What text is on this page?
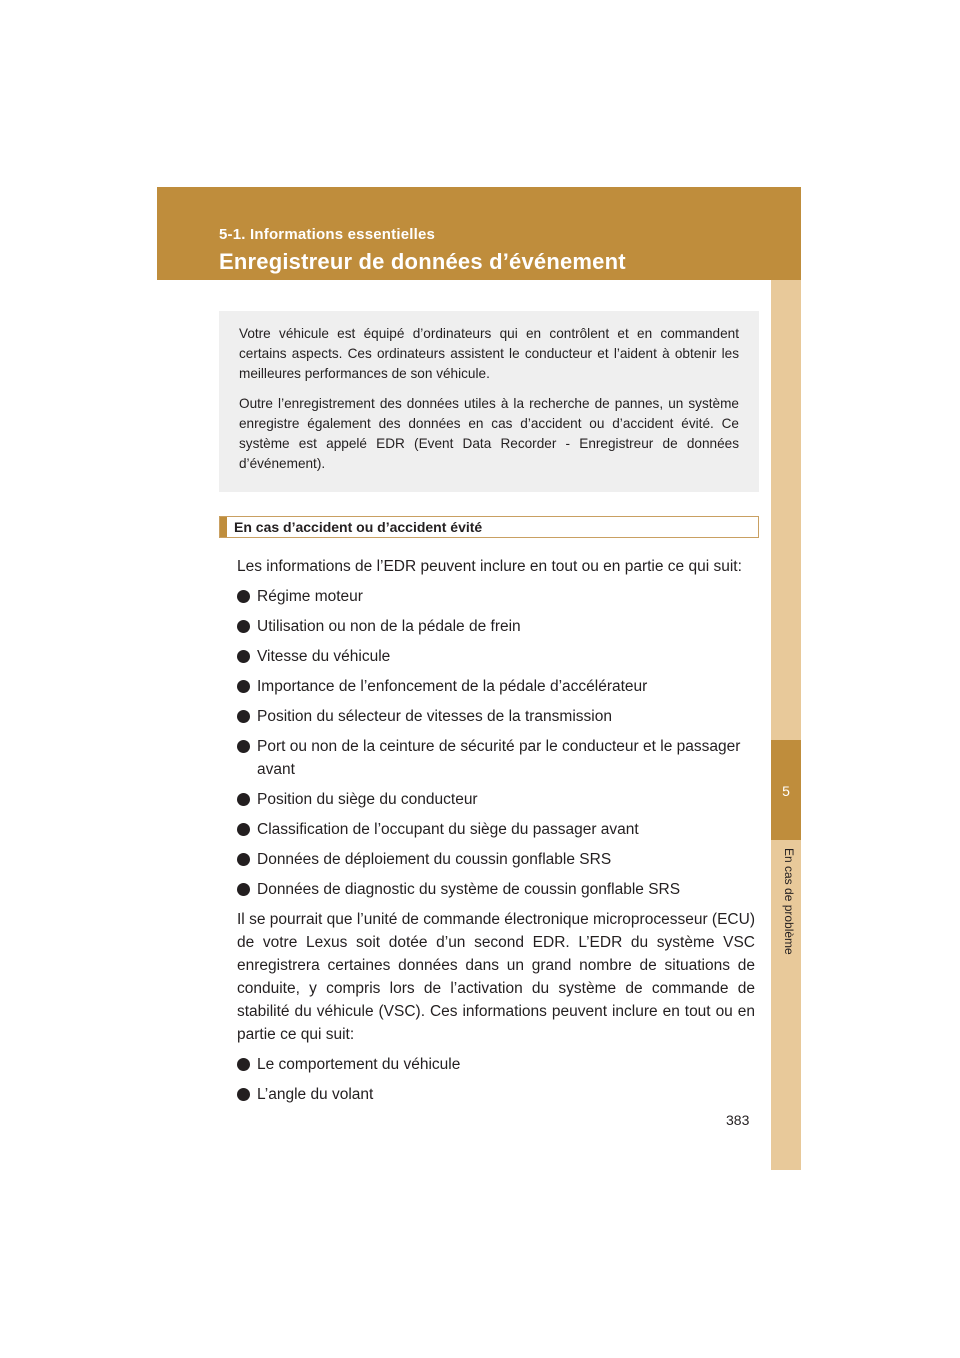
5-1. Informations essentielles
Enregistreur de données d’événement
5
En cas de problème

Votre véhicule est équipé d’ordinateurs qui en contrôlent et en commandent certains aspects. Ces ordinateurs assistent le conducteur et l’aident à obtenir les meilleures performances de son véhicule.

Outre l’enregistrement des données utiles à la recherche de pannes, un système enregistre également des données en cas d’accident ou d’accident évité. Ce système est appelé EDR (Event Data Recorder - Enregistreur de données d’événement).

En cas d’accident ou d’accident évité

Les informations de l’EDR peuvent inclure en tout ou en partie ce qui suit:

Régime moteur
Utilisation ou non de la pédale de frein
Vitesse du véhicule
Importance de l’enfoncement de la pédale d’accélérateur
Position du sélecteur de vitesses de la transmission
Port ou non de la ceinture de sécurité par le conducteur et le passager avant
Position du siège du conducteur
Classification de l’occupant du siège du passager avant
Données de déploiement du coussin gonflable SRS
Données de diagnostic du système de coussin gonflable SRS

Il se pourrait que l’unité de commande électronique microprocesseur (ECU) de votre Lexus soit dotée d’un second EDR. L’EDR du système VSC enregistrera certaines données dans un grand nombre de situations de conduite, y compris lors de l’activation du système de commande de stabilité du véhicule (VSC). Ces informations peuvent inclure en tout ou en partie ce qui suit:

Le comportement du véhicule
L’angle du volant
383
